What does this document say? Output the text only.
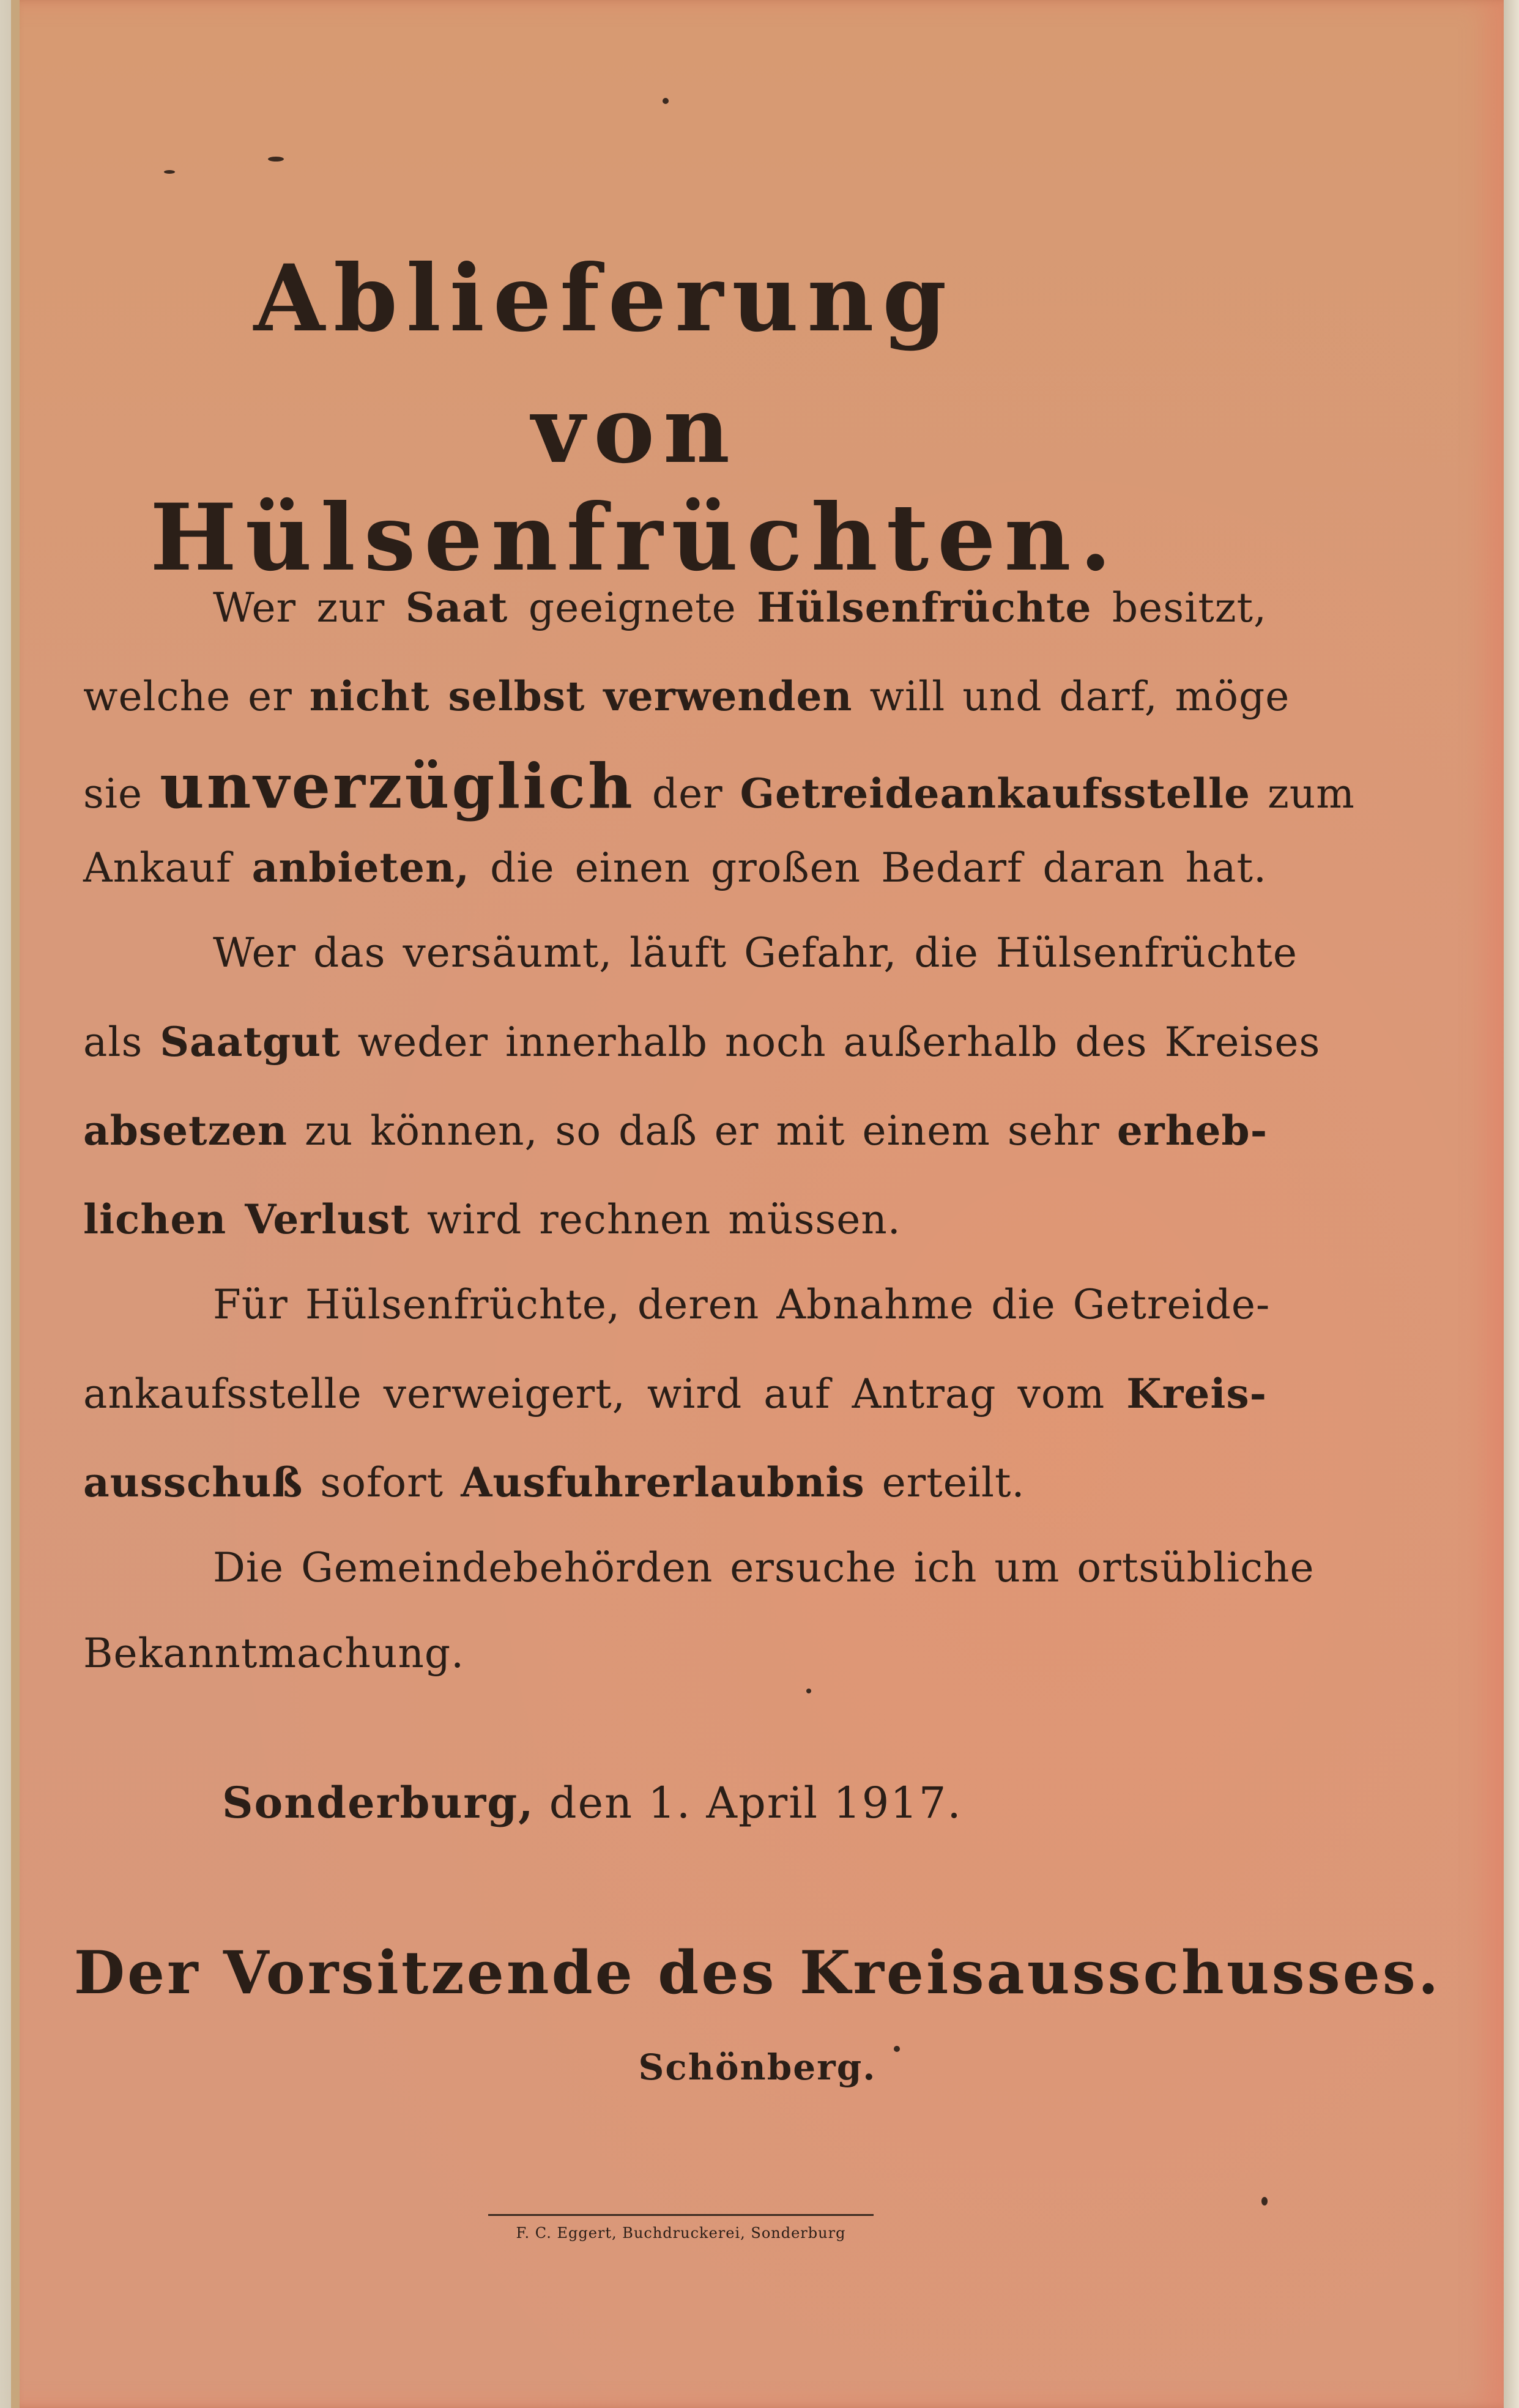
Ablieferung
von Hülsenfrüchten.
Wer zur Saat geeignete Hülsenfrüchte besitzt,
welche er nicht selbst verwenden will und darf, möge
sie unverzüglich der Getreideankaufsstelle zum
Ankauf anbieten, die einen großen Bedarf daran hat.
Wer das versäumt, läuft Gefahr, die Hülsenfrüchte
als Saatgut weder innerhalb noch außerhalb des Kreises
absetzen zu können, so daß er mit einem sehr erheb-
lichen Verlust wird rechnen müssen.
Für Hülsenfrüchte, deren Abnahme die Getreide-
ankaufsstelle verweigert, wird auf Antrag vom Kreis-
ausschuß sofort Ausfuhrerlaubnis erteilt.
Die Gemeindebehörden ersuche ich um ortsübliche
Bekanntmachung.
Sonderburg, den 1. April 1917.
Der Vorsitzende des Kreisausschusses.
Schönberg.
F. C. Eggert, Buchdruckerei, Sonderburg
